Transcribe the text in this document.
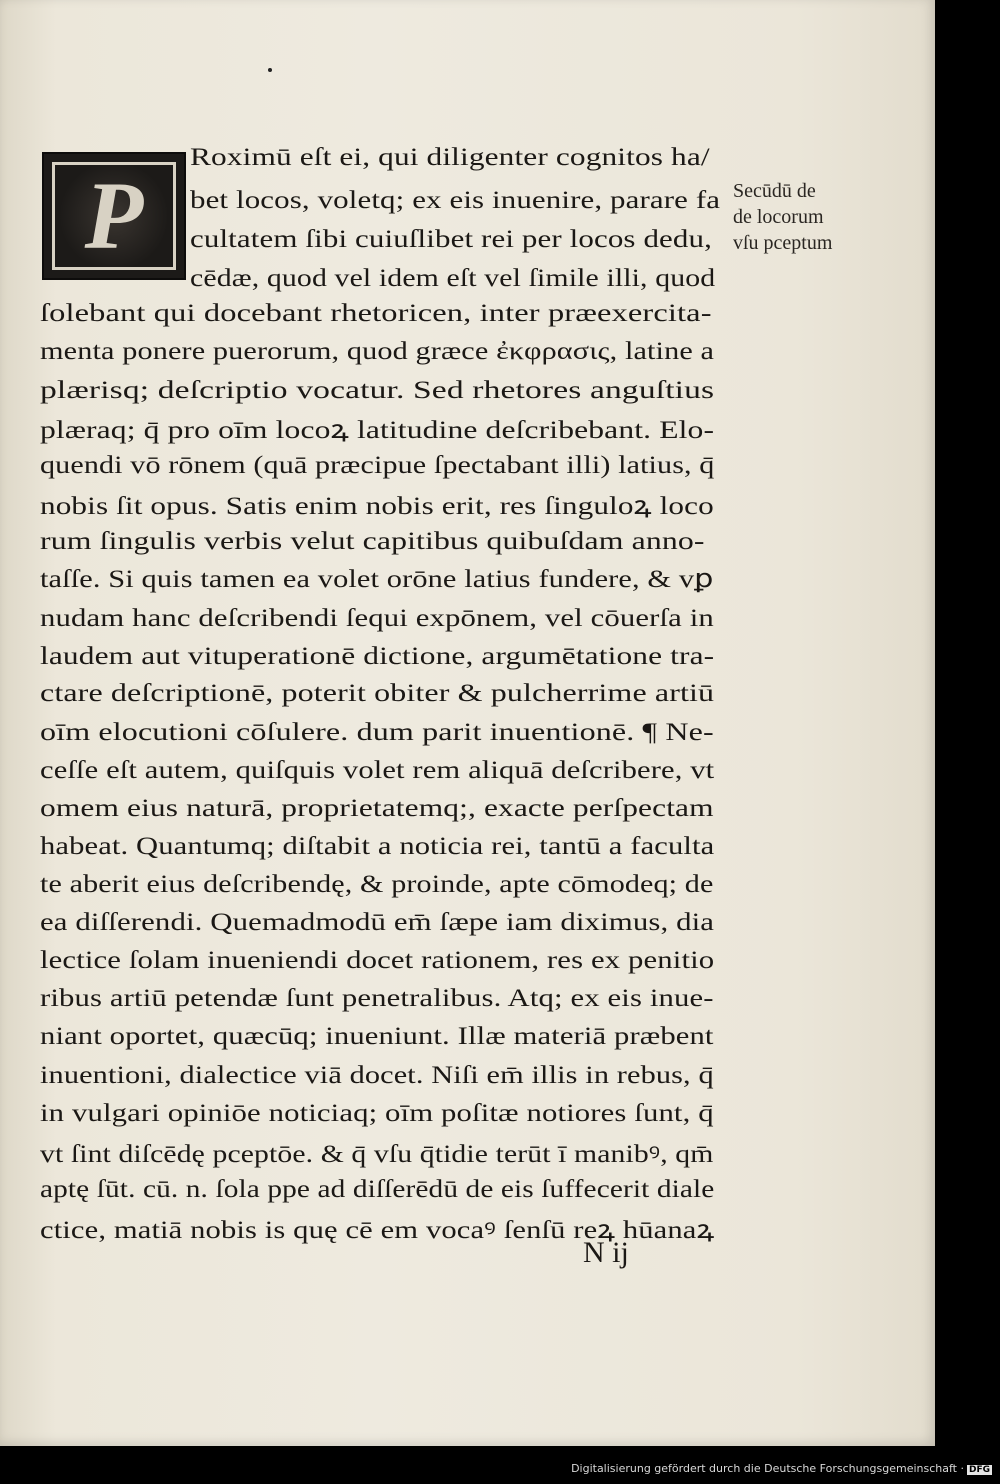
P
Roximū eſt ei, qui diligenter cognitos ha/
bet locos, voletq; ex eis inuenire, parare fa
cultatem ſibi cuiuſlibet rei per locos dedu,
cēdæ, quod vel idem eſt vel ſimile illi, quod
ſolebant qui docebant rhetoricen, inter præexercita-
menta ponere puerorum, quod græce ἐκφρασις, latine a
plærisq; deſcriptio vocatur. Sed rhetores anguſtius
plæraq; q̄ pro oīm locoꝝ latitudine deſcribebant. Elo-
quendi vō rōnem (quā præcipue ſpectabant illi) latius, q̄
nobis ſit opus. Satis enim nobis erit, res ſinguloꝝ loco
rum ſingulis verbis velut capitibus quibuſdam anno-
taſſe. Si quis tamen ea volet orōne latius fundere, & vꝑ
nudam hanc deſcribendi ſequi expōnem, vel cōuerſa in
laudem aut vituperationē dictione, argumētatione tra-
ctare deſcriptionē, poterit obiter & pulcherrime artiū
oīm elocutioni cōſulere. dum parit inuentionē. ¶ Ne-
ceſſe eſt autem, quiſquis volet rem aliquā deſcribere, vt
omem eius naturā, proprietatemq;, exacte perſpectam
habeat. Quantumq; diſtabit a noticia rei, tantū a faculta
te aberit eius deſcribendę, & proinde, apte cōmodeq; de
ea diſſerendi. Quemadmodū em̄ ſæpe iam diximus, dia
lectice ſolam inueniendi docet rationem, res ex penitio
ribus artiū petendæ ſunt penetralibus. Atq; ex eis inue-
niant oportet, quæcūq; inueniunt. Illæ materiā præbent
inuentioni, dialectice viā docet. Niſi em̄ illis in rebus, q̄
in vulgari opiniōe noticiaq; oīm poſitæ notiores ſunt, q̄
vt ſint diſcēdę pceptōe. & q̄ vſu q̄tidie terūt ī manibꝰ, qm̄
aptę ſūt. cū. n. ſola ppe ad diſſerēdū de eis ſuffecerit diale
ctice, matiā nobis is quę cē em vocaꝰ ſenſū reꝝ hūanaꝝ
Secūdū de
de locorum
vſu pceptum
N ij
Digitalisierung gefördert durch die Deutsche Forschungsgemeinschaft · DFG
